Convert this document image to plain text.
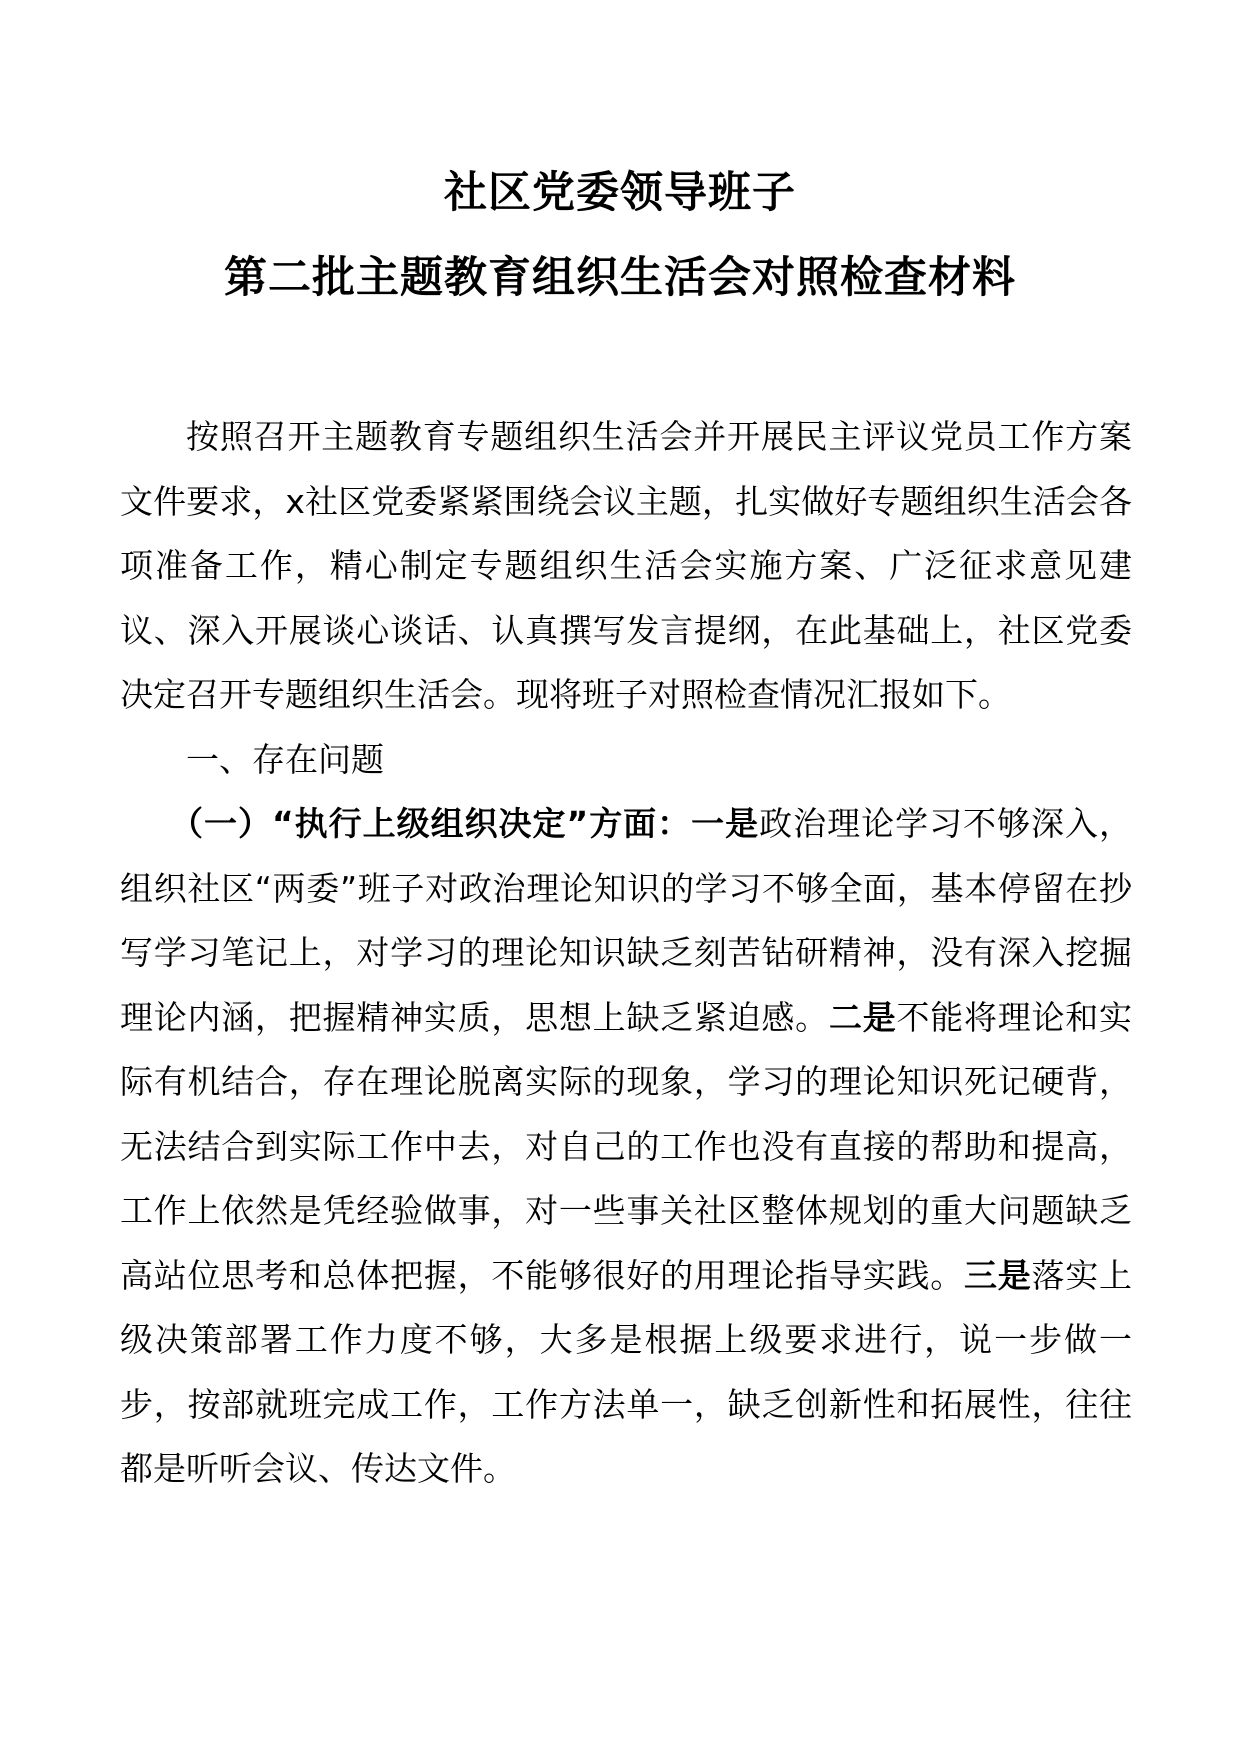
社区党委领导班子
第二批主题教育组织生活会对照检查材料

按照召开主题教育专题组织生活会并开展民主评议党员工作方案文件要求，x社区党委紧紧围绕会议主题，扎实做好专题组织生活会各项准备工作，精心制定专题组织生活会实施方案、广泛征求意见建议、深入开展谈心谈话、认真撰写发言提纲，在此基础上，社区党委决定召开专题组织生活会。现将班子对照检查情况汇报如下。

一、存在问题

（一）“执行上级组织决定”方面：一是政治理论学习不够深入，组织社区“两委”班子对政治理论知识的学习不够全面，基本停留在抄写学习笔记上，对学习的理论知识缺乏刻苦钻研精神，没有深入挖掘理论内涵，把握精神实质，思想上缺乏紧迫感。二是不能将理论和实际有机结合，存在理论脱离实际的现象，学习的理论知识死记硬背，无法结合到实际工作中去，对自己的工作也没有直接的帮助和提高，工作上依然是凭经验做事，对一些事关社区整体规划的重大问题缺乏高站位思考和总体把握，不能够很好的用理论指导实践。三是落实上级决策部署工作力度不够，大多是根据上级要求进行，说一步做一步，按部就班完成工作，工作方法单一，缺乏创新性和拓展性，往往都是听听会议、传达文件。
